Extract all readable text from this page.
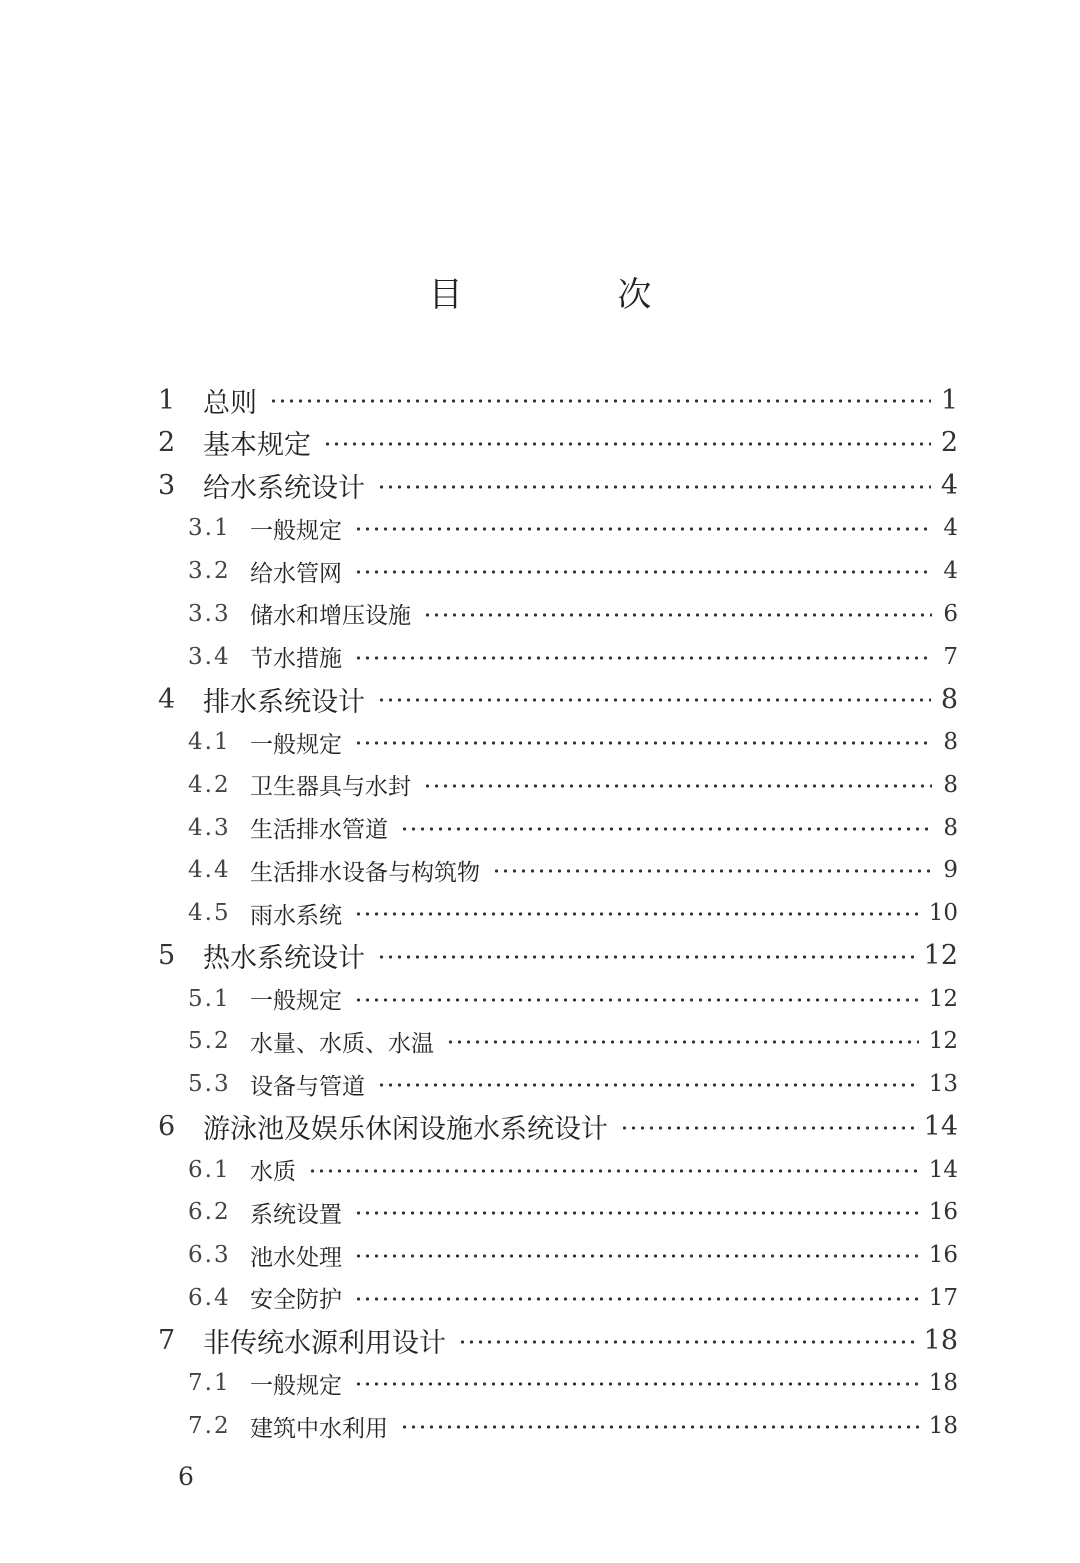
目 次
1	总则	1
2	基本规定	2
3	给水系统设计	4
3.1 一般规定	4
3.2 给水管网	4
3.3 储水和增压设施	6
3.4 节水措施	7
4	排水系统设计	8
4.1 一般规定	8
4.2 卫生器具与水封	8
4.3 生活排水管道	8
4.4 生活排水设备与构筑物	9
4.5 雨水系统	10
5	热水系统设计	12
5.1 一般规定	12
5.2 水量、水质、水温	12
5.3 设备与管道	13
6	游泳池及娱乐休闲设施水系统设计	14
6.1 水质	14
6.2 系统设置	16
6.3 池水处理	16
6.4 安全防护	17
7	非传统水源利用设计	18
7.1 一般规定	18
7.2 建筑中水利用	18
6
